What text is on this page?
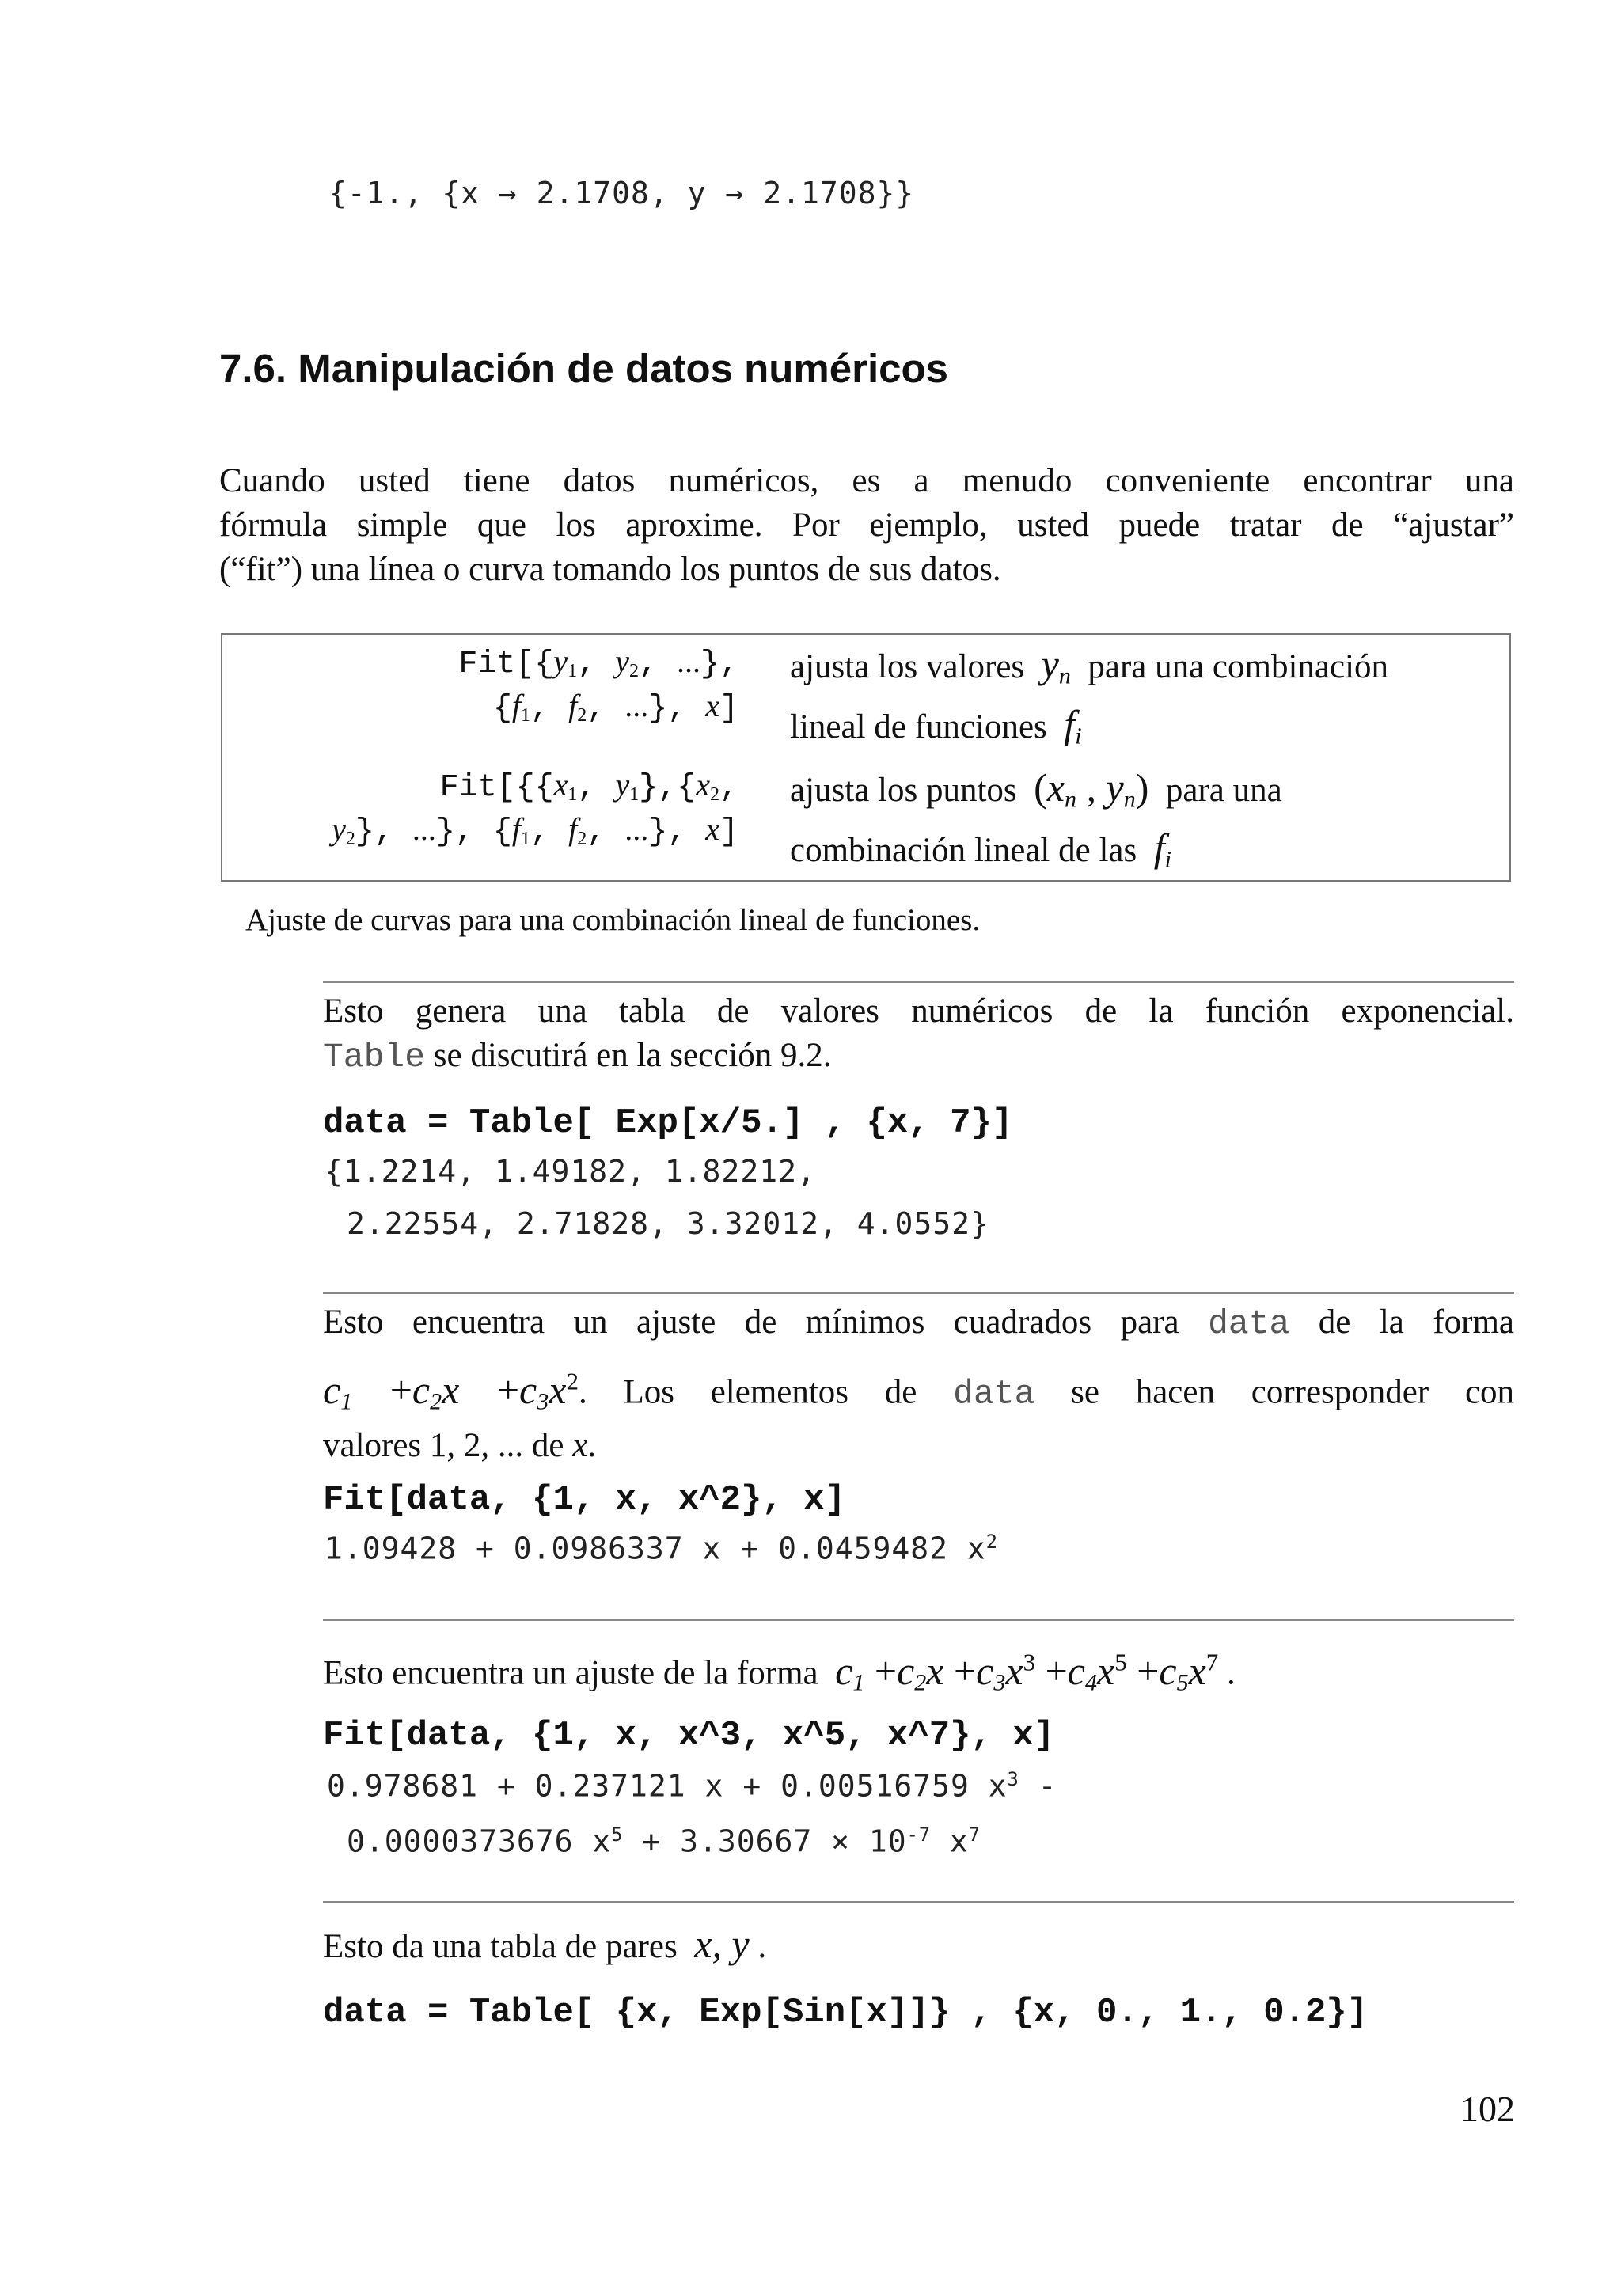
{-1., {x → 2.1708, y → 2.1708}}
7.6. Manipulación de datos numéricos
Cuando usted tiene datos numéricos, es a menudo conveniente encontrar una
fórmula simple que los aproxime. Por ejemplo, usted puede tratar de “ajustar”
(“fit”) una línea o curva tomando los puntos de sus datos.
$Fit[\{y_1$, $y_2$, ...},
{$f_1$, $f_2$, ...}, x]
ajusta los valores $y_n$ para una combinación
lineal de funciones $f_i$
$Fit[\{\{x_1$, $y_1\},\{x_2$,
$y_2$}, ...}, {$f_1$, $f_2$, ...}, x]
ajusta los puntos ($x_n$ , $y_n$) para una
combinación lineal de las $f_i$
Ajuste de curvas para una combinación lineal de funciones.
Esto genera una tabla de valores numéricos de la función exponencial.
Table se discutirá en la sección 9.2.
data = Table[ Exp[x/5.] , {x, 7}]
{1.2214, 1.49182, 1.82212,
2.22554, 2.71828, 3.32012, 4.0552}
Esto encuentra un ajuste de mínimos cuadrados para data de la forma
$c_1 +c_2x +c_3x^2$. Los elementos de data se hacen corresponder con
valores 1, 2, ... de x.
Fit[data, {1, x, x^2}, x]
1.09428 + 0.0986337 x + 0.0459482 $x^2$
Esto encuentra un ajuste de la forma $c_1 +c_2x +c_3x^3 +c_4x^5 +c_5x^7$ .
Fit[data, {1, x, x^3, x^5, x^7}, x]
0.978681 + 0.237121 x + 0.00516759 $x^3$ -
0.0000373676 $x^5 + 3.30667 \times 10^{-7}$ $x^7$
Esto da una tabla de pares x, y .
data = Table[ {x, Exp[Sin[x]]} , {x, 0., 1., 0.2}]
102
